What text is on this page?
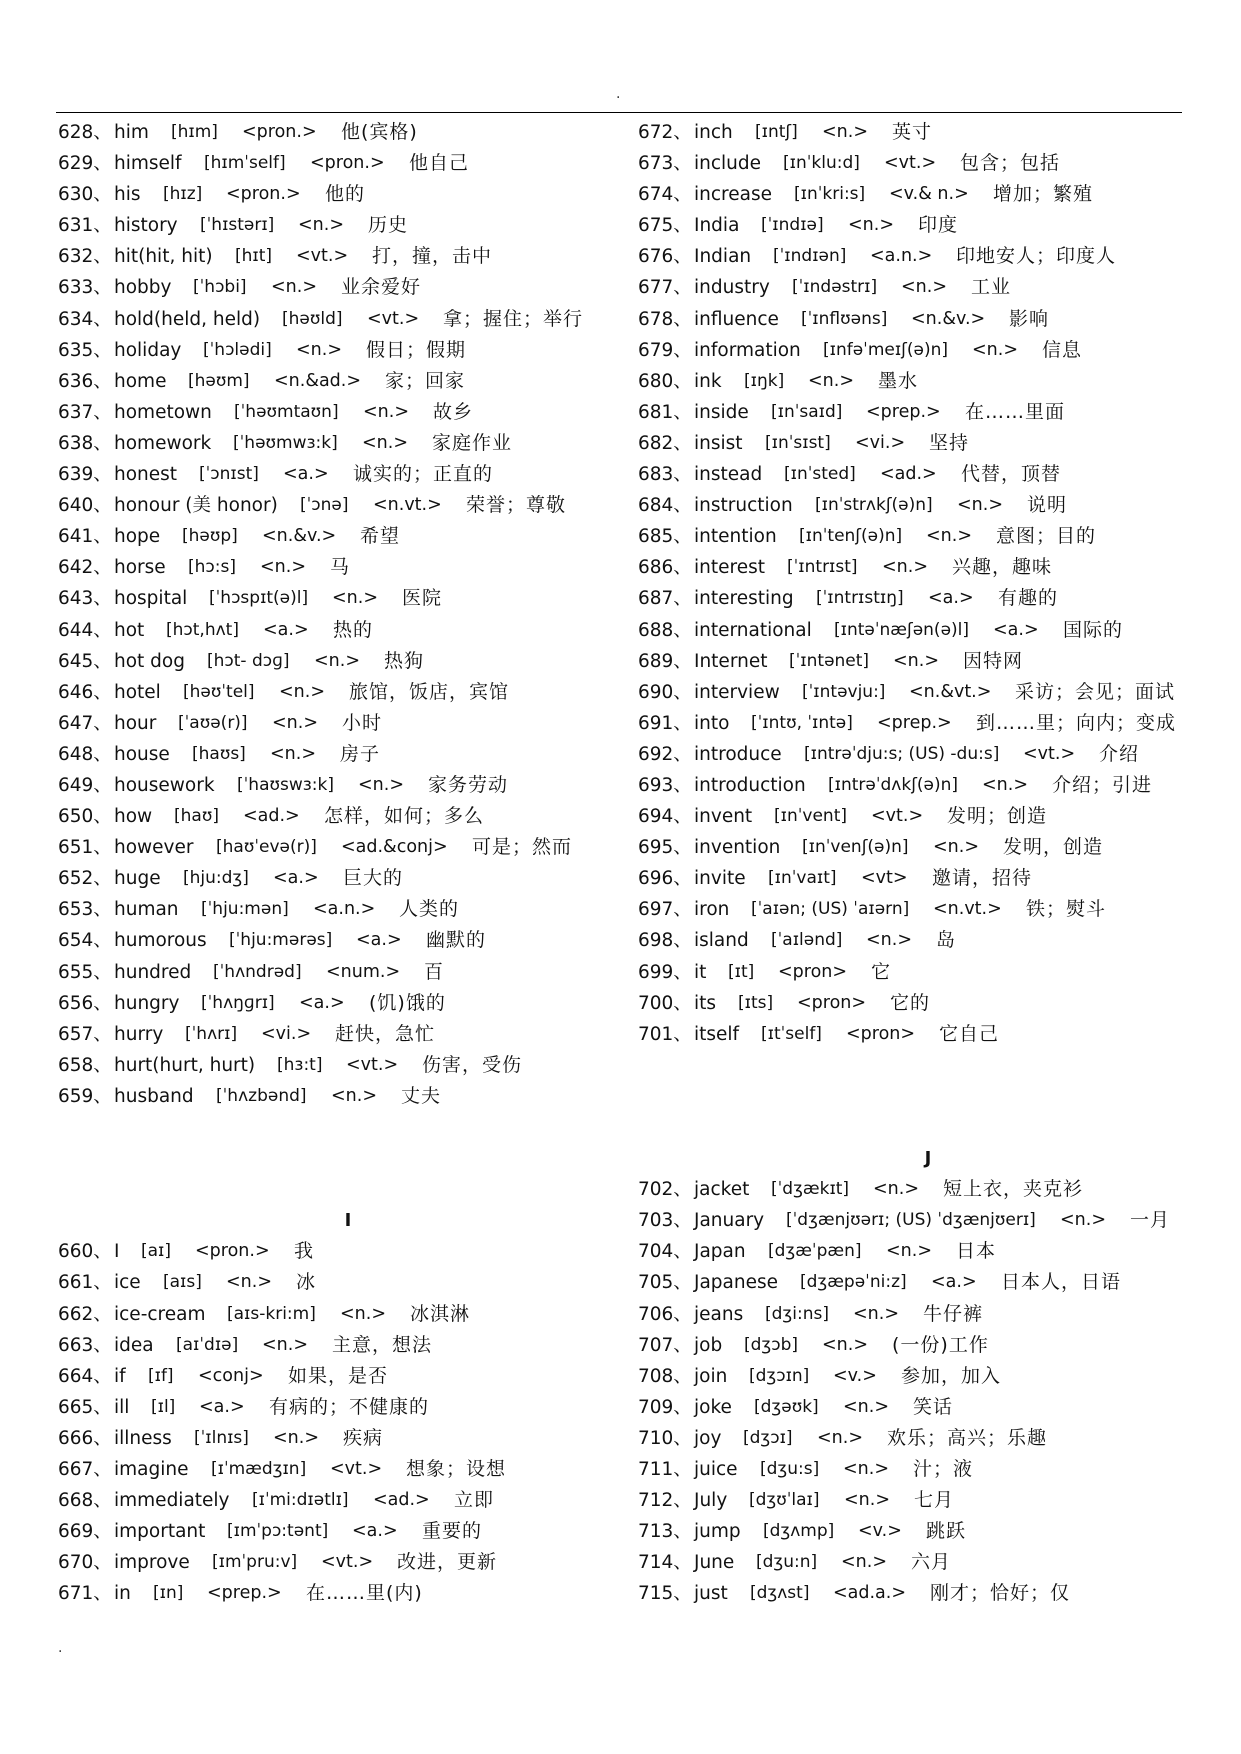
.
628、 him [hɪm] <pron.> 他(宾格)
629、 himself [hɪmˈself] <pron.> 他自己
630、 his [hɪz] <pron.> 他的
631、 history [ˈhɪstərɪ] <n.> 历史
632、 hit(hit, hit) [hɪt] <vt.> 打，撞，击中
633、 hobby [ˈhɔbi] <n.> 业余爱好
634、 hold(held, held) [həʊld] <vt.> 拿；握住；举行
635、 holiday [ˈhɔlədi] <n.> 假日；假期
636、 home [həʊm] <n.&ad.> 家；回家
637、 hometown [ˈhəʊmtaʊn] <n.> 故乡
638、 homework [ˈhəʊmwɜ:k] <n.> 家庭作业
639、 honest [ˈɔnɪst] <a.> 诚实的；正直的
640、 honour (美 honor) [ˈɔnə] <n.vt.> 荣誉；尊敬
641、 hope [həʊp] <n.&v.> 希望
642、 horse [hɔ:s] <n.> 马
643、 hospital [ˈhɔspɪt(ə)l] <n.> 医院
644、 hot [hɔt,hʌt] <a.> 热的
645、 hot dog [hɔt- dɔɡ] <n.> 热狗
646、 hotel [həʊˈtel] <n.> 旅馆，饭店，宾馆
647、 hour [ˈaʊə(r)] <n.> 小时
648、 house [haʊs] <n.> 房子
649、 housework [ˈhaʊswɜ:k] <n.> 家务劳动
650、 how [haʊ] <ad.> 怎样，如何；多么
651、 however [haʊˈevə(r)] <ad.&conj> 可是；然而
652、 huge [hju:dʒ] <a.> 巨大的
653、 human [ˈhju:mən] <a.n.> 人类的
654、 humorous [ˈhju:mərəs] <a.> 幽默的
655、 hundred [ˈhʌndrəd] <num.> 百
656、 hungry [ˈhʌŋɡrɪ] <a.> (饥)饿的
657、 hurry [ˈhʌrɪ] <vi.> 赶快，急忙
658、 hurt(hurt, hurt) [hɜ:t] <vt.> 伤害，受伤
659、 husband [ˈhʌzbənd] <n.> 丈夫
I
660、 I [aɪ] <pron.> 我
661、 ice [aɪs] <n.> 冰
662、 ice-cream [aɪs-kri:m] <n.> 冰淇淋
663、 idea [aɪˈdɪə] <n.> 主意，想法
664、 if [ɪf] <conj> 如果，是否
665、 ill [ɪl] <a.> 有病的；不健康的
666、 illness [ˈɪlnɪs] <n.> 疾病
667、 imagine [ɪˈmædʒɪn] <vt.> 想象；设想
668、 immediately [ɪˈmi:dɪətlɪ] <ad.> 立即
669、 important [ɪmˈpɔ:tənt] <a.> 重要的
670、 improve [ɪmˈpru:v] <vt.> 改进，更新
671、 in [ɪn] <prep.> 在……里(内)
672、 inch [ɪntʃ] <n.> 英寸
673、 include [ɪnˈklu:d] <vt.> 包含；包括
674、 increase [ɪnˈkri:s] <v.& n.> 增加；繁殖
675、 India [ˈɪndɪə] <n.> 印度
676、 Indian [ˈɪndɪən] <a.n.> 印地安人；印度人
677、 industry [ˈɪndəstrɪ] <n.> 工业
678、 influence [ˈɪnflʊəns] <n.&v.> 影响
679、 information [ɪnfəˈmeɪʃ(ə)n] <n.> 信息
680、 ink [ɪŋk] <n.> 墨水
681、 inside [ɪnˈsaɪd] <prep.> 在……里面
682、 insist [ɪnˈsɪst] <vi.> 坚持
683、 instead [ɪnˈsted] <ad.> 代替，顶替
684、 instruction [ɪnˈstrʌkʃ(ə)n] <n.> 说明
685、 intention [ɪnˈtenʃ(ə)n] <n.> 意图；目的
686、 interest [ˈɪntrɪst] <n.> 兴趣，趣味
687、 interesting [ˈɪntrɪstɪŋ] <a.> 有趣的
688、 international [ɪntəˈnæʃən(ə)l] <a.> 国际的
689、 Internet [ˈɪntənet] <n.> 因特网
690、 interview [ˈɪntəvju:] <n.&vt.> 采访；会见；面试
691、 into [ˈɪntʊ, ˈɪntə] <prep.> 到……里；向内；变成
692、 introduce [ɪntrəˈdju:s; (US) -du:s] <vt.> 介绍
693、 introduction [ɪntrəˈdʌkʃ(ə)n] <n.> 介绍；引进
694、 invent [ɪnˈvent] <vt.> 发明；创造
695、 invention [ɪnˈvenʃ(ə)n] <n.> 发明，创造
696、 invite [ɪnˈvaɪt] <vt> 邀请，招待
697、 iron [ˈaɪən; (US) ˈaɪərn] <n.vt.> 铁；熨斗
698、 island [ˈaɪlənd] <n.> 岛
699、 it [ɪt] <pron> 它
700、 its [ɪts] <pron> 它的
701、 itself [ɪtˈself] <pron> 它自己
J
702、 jacket [ˈdʒækɪt] <n.> 短上衣，夹克衫
703、 January [ˈdʒænjʊərɪ; (US) ˈdʒænjʊerɪ] <n.> 一月
704、 Japan [dʒæˈpæn] <n.> 日本
705、 Japanese [dʒæpəˈni:z] <a.> 日本人，日语
706、 jeans [dʒi:ns] <n.> 牛仔裤
707、 job [dʒɔb] <n.> (一份)工作
708、 join [dʒɔɪn] <v.> 参加，加入
709、 joke [dʒəʊk] <n.> 笑话
710、 joy [dʒɔɪ] <n.> 欢乐；高兴；乐趣
711、 juice [dʒu:s] <n.> 汁；液
712、 July [dʒʊˈlaɪ] <n.> 七月
713、 jump [dʒʌmp] <v.> 跳跃
714、 June [dʒu:n] <n.> 六月
715、 just [dʒʌst] <ad.a.> 刚才；恰好；仅
.
